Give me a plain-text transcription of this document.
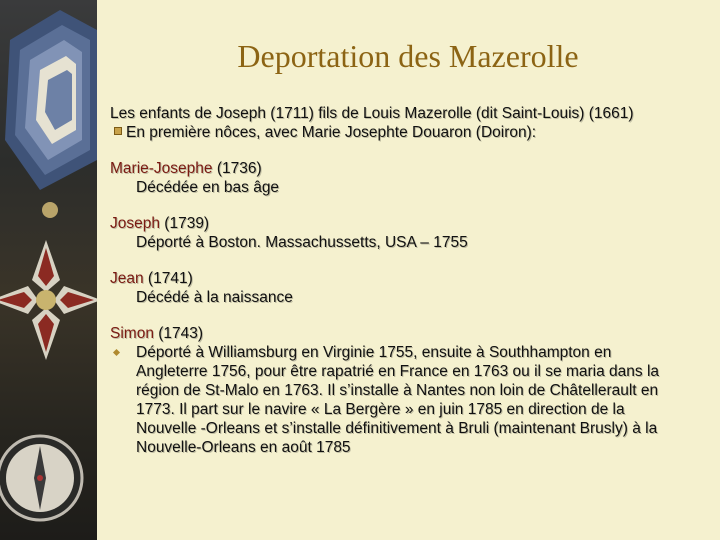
Deportation des Mazerolle

Les enfants de Joseph (1711) fils de Louis Mazerolle (dit Saint-Louis) (1661)

En première nôces, avec Marie Josephte Douaron (Doiron):

Marie-Josephe (1736)

Décédée en bas âge

Joseph (1739)

Déporté à Boston. Massachussetts, USA – 1755

Jean (1741)

Décédé à la naissance

Simon (1743)

Déporté à Williamsburg en Virginie 1755, ensuite à Southhampton en Angleterre 1756, pour être rapatrié en France en 1763 ou il se maria dans la région de St-Malo en 1763. Il s’installe à Nantes non loin de Châtellerault en 1773. Il part sur le navire « La Bergère » en juin 1785 en direction de la Nouvelle -Orleans et s’installe définitivement à Bruli (maintenant Brusly) à la Nouvelle-Orleans en août 1785
